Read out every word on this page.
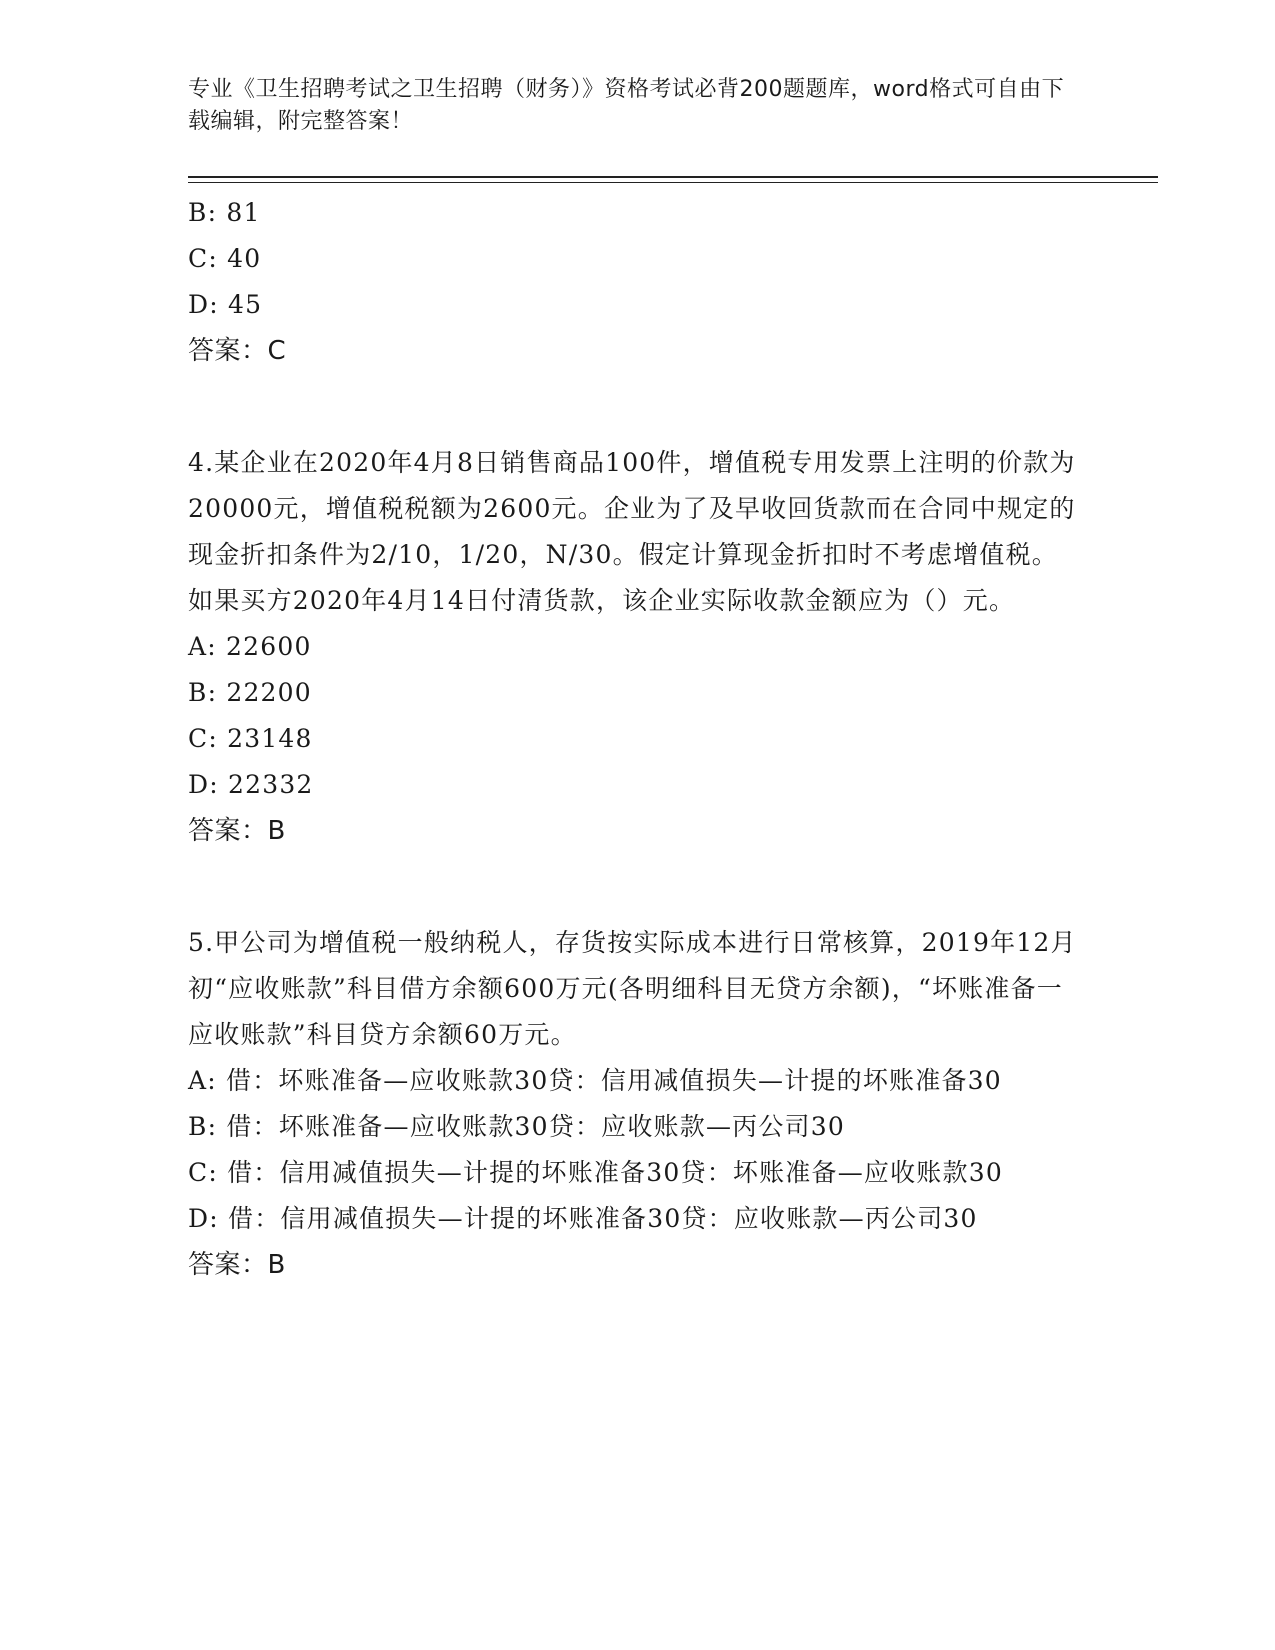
专业《卫生招聘考试之卫生招聘（财务）》资格考试必背200题题库，word格式可自由下载编辑，附完整答案！
B: 81
C: 40
D: 45
答案：C
4.某企业在2020年4月8日销售商品100件，增值税专用发票上注明的价款为20000元，增值税税额为2600元。企业为了及早收回货款而在合同中规定的现金折扣条件为2/10，1/20，N/30。假定计算现金折扣时不考虑增值税。如果买方2020年4月14日付清货款，该企业实际收款金额应为（）元。
A: 22600
B: 22200
C: 23148
D: 22332
答案：B
5.甲公司为增值税一般纳税人，存货按实际成本进行日常核算，2019年12月初“应收账款”科目借方余额600万元(各明细科目无贷方余额)，“坏账准备一应收账款”科目贷方余额60万元。
A: 借：坏账准备—应收账款30贷：信用减值损失—计提的坏账准备30
B: 借：坏账准备—应收账款30贷：应收账款—丙公司30
C: 借：信用减值损失—计提的坏账准备30贷：坏账准备—应收账款30
D: 借：信用减值损失—计提的坏账准备30贷：应收账款—丙公司30
答案：B
